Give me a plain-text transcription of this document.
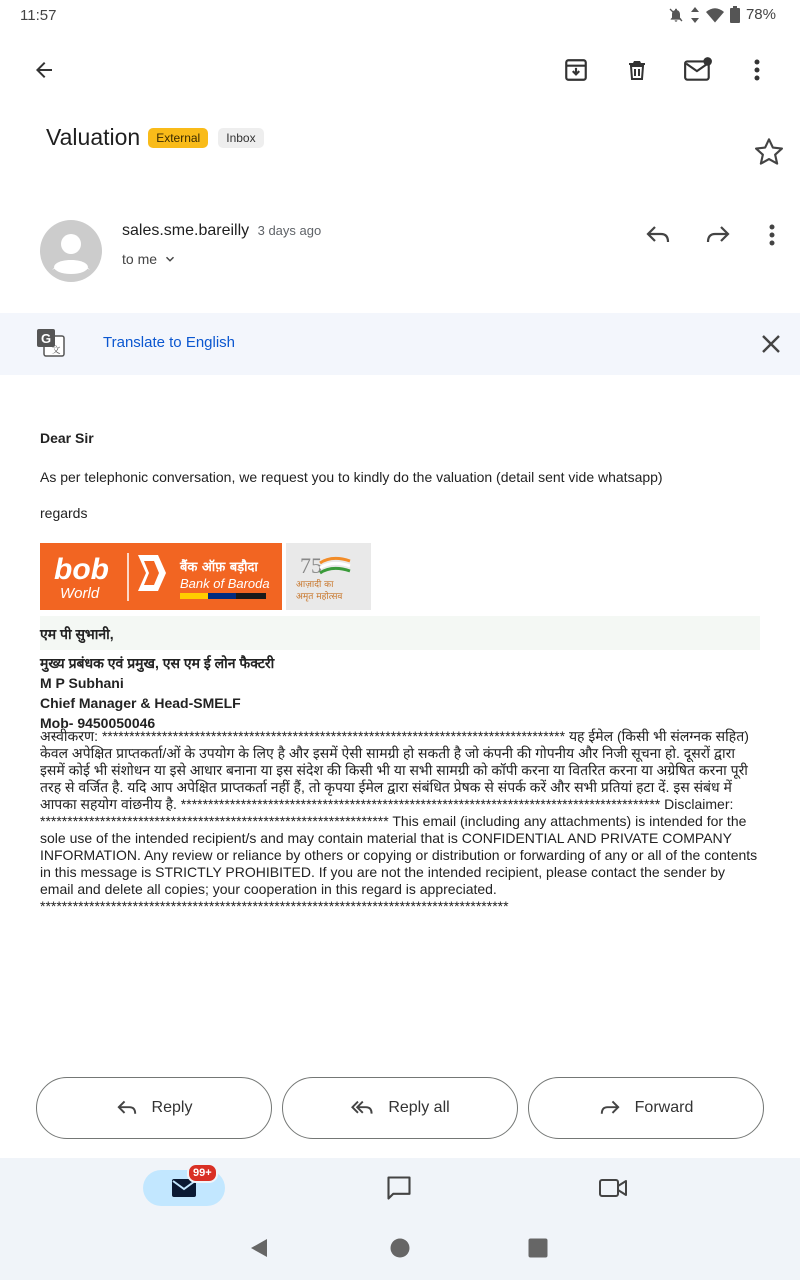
11:57	78%
Valuation	External	Inbox
sales.sme.bareilly 3 days ago
to me
G
文	Translate to English
Dear Sir
As per telephonic conversation, we request you to kindly do the valuation (detail sent vide whatsapp)
regards
bob
World
बैंक ऑफ़ बड़ौदा
Bank of Baroda
75
आज़ादी का
अमृत महोत्सव
एम पी सुभानी,
मुख्य प्रबंधक एवं प्रमुख, एस एम ई लोन फैक्टरी
M P Subhani
Chief Manager & Head-SMELF
Mob- 9450050046
अस्वीकरण: ************************************************************************************* यह ईमेल (किसी भी संलग्नक सहित) केवल अपेक्षित प्राप्तकर्ता/ओं के उपयोग के लिए है और इसमें ऐसी सामग्री हो सकती है जो कंपनी की गोपनीय और निजी सूचना हो. दूसरों द्वारा इसमें कोई भी संशोधन या इसे आधार बनाना या इस संदेश की किसी भी या सभी सामग्री को कॉपी करना या वितरित करना या अग्रेषित करना पूरी तरह से वर्जित है. यदि आप अपेक्षित प्राप्तकर्ता नहीं हैं, तो कृपया ईमेल द्वारा संबंधित प्रेषक से संपर्क करें और सभी प्रतियां हटा दें. इस संबंध में आपका सहयोग वांछनीय है. **************************************************************************************** Disclaimer: **************************************************************** This email (including any attachments) is intended for the sole use of the intended recipient/s and may contain material that is CONFIDENTIAL AND PRIVATE COMPANY INFORMATION. Any review or reliance by others or copying or distribution or forwarding of any or all of the contents in this message is STRICTLY PROHIBITED. If you are not the intended recipient, please contact the sender by email and delete all copies; your cooperation in this regard is appreciated. **************************************************************************************
Reply	Reply all	Forward
99+
